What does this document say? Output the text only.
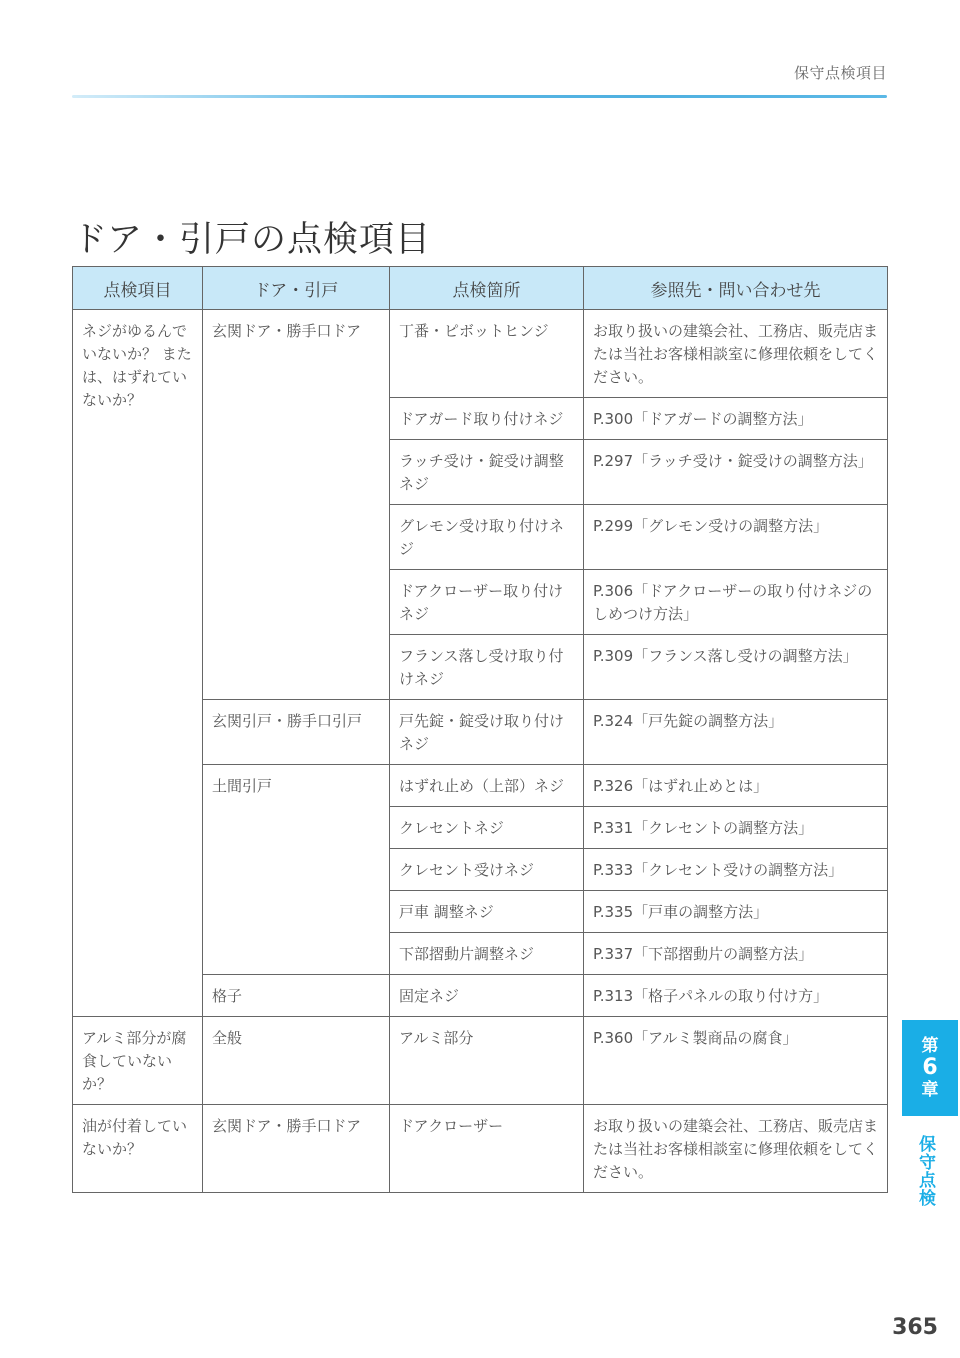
保守点検項目
ドア・引戸の点検項目
点検項目	ドア・引戸	点検箇所	参照先・問い合わせ先
ネジがゆるんでいないか？ または、はずれていないか？	玄関ドア・勝手口ドア	丁番・ピボットヒンジ	お取り扱いの建築会社、工務店、販売店または当社お客様相談室に修理依頼をしてください。
		ドアガード取り付けネジ	P.300「ドアガードの調整方法」
		ラッチ受け・錠受け調整ネジ	P.297「ラッチ受け・錠受けの調整方法」
		グレモン受け取り付けネジ	P.299「グレモン受けの調整方法」
		ドアクローザー取り付けネジ	P.306「ドアクローザーの取り付けネジのしめつけ方法」
		フランス落し受け取り付けネジ	P.309「フランス落し受けの調整方法」
	玄関引戸・勝手口引戸	戸先錠・錠受け取り付けネジ	P.324「戸先錠の調整方法」
	土間引戸	はずれ止め（上部）ネジ	P.326「はずれ止めとは」
		クレセントネジ	P.331「クレセントの調整方法」
		クレセント受けネジ	P.333「クレセント受けの調整方法」
		戸車 調整ネジ	P.335「戸車の調整方法」
		下部摺動片調整ネジ	P.337「下部摺動片の調整方法」
	格子	固定ネジ	P.313「格子パネルの取り付け方」
アルミ部分が腐食していないか？	全般	アルミ部分	P.360「アルミ製商品の腐食」
油が付着していないか？	玄関ドア・勝手口ドア	ドアクローザー	お取り扱いの建築会社、工務店、販売店または当社お客様相談室に修理依頼をしてください。
第
6
章
保守点検
365
